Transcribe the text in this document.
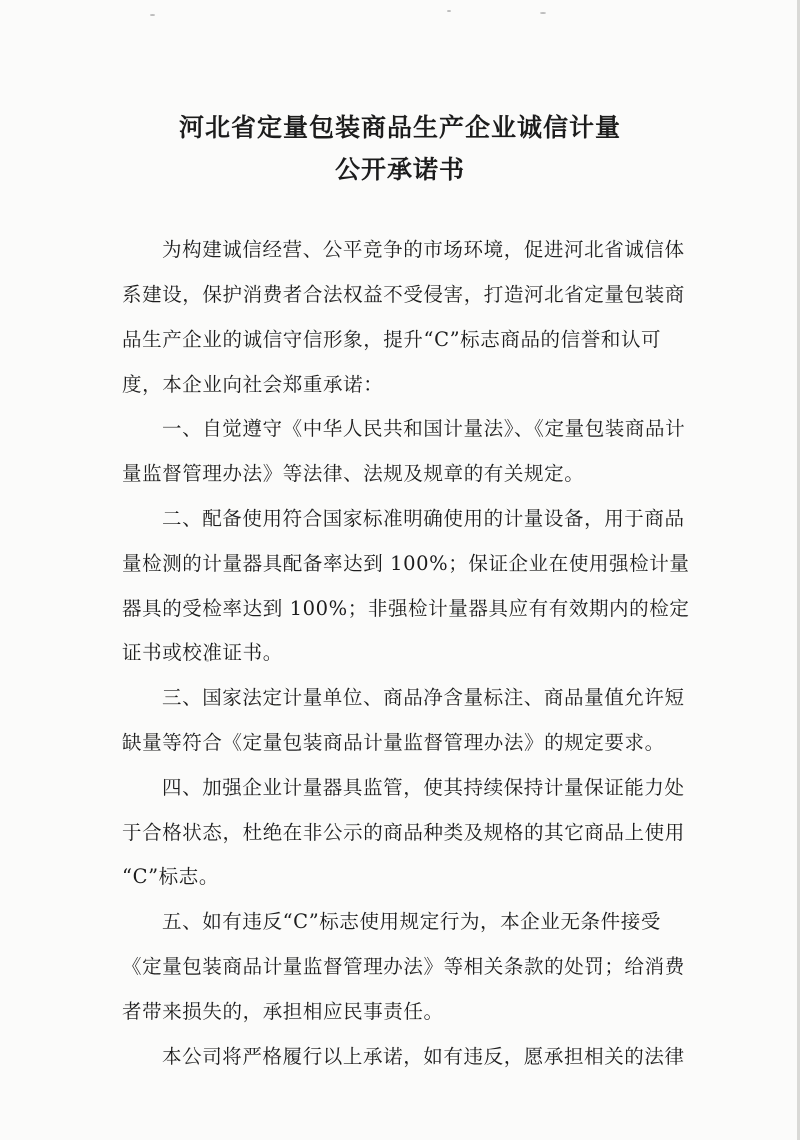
河北省定量包装商品生产企业诚信计量
公开承诺书

为构建诚信经营、公平竞争的市场环境，促进河北省诚信体

系建设，保护消费者合法权益不受侵害，打造河北省定量包装商

品生产企业的诚信守信形象，提升“C”标志商品的信誉和认可

度，本企业向社会郑重承诺：

一、自觉遵守《中华人民共和国计量法》、《定量包装商品计

量监督管理办法》等法律、法规及规章的有关规定。

二、配备使用符合国家标准明确使用的计量设备，用于商品

量检测的计量器具配备率达到 100%；保证企业在使用强检计量

器具的受检率达到 100%；非强检计量器具应有有效期内的检定

证书或校准证书。

三、国家法定计量单位、商品净含量标注、商品量值允许短

缺量等符合《定量包装商品计量监督管理办法》的规定要求。

四、加强企业计量器具监管，使其持续保持计量保证能力处

于合格状态，杜绝在非公示的商品种类及规格的其它商品上使用

“C”标志。

五、如有违反“C”标志使用规定行为，本企业无条件接受

《定量包装商品计量监督管理办法》等相关条款的处罚；给消费

者带来损失的，承担相应民事责任。

本公司将严格履行以上承诺，如有违反，愿承担相关的法律
